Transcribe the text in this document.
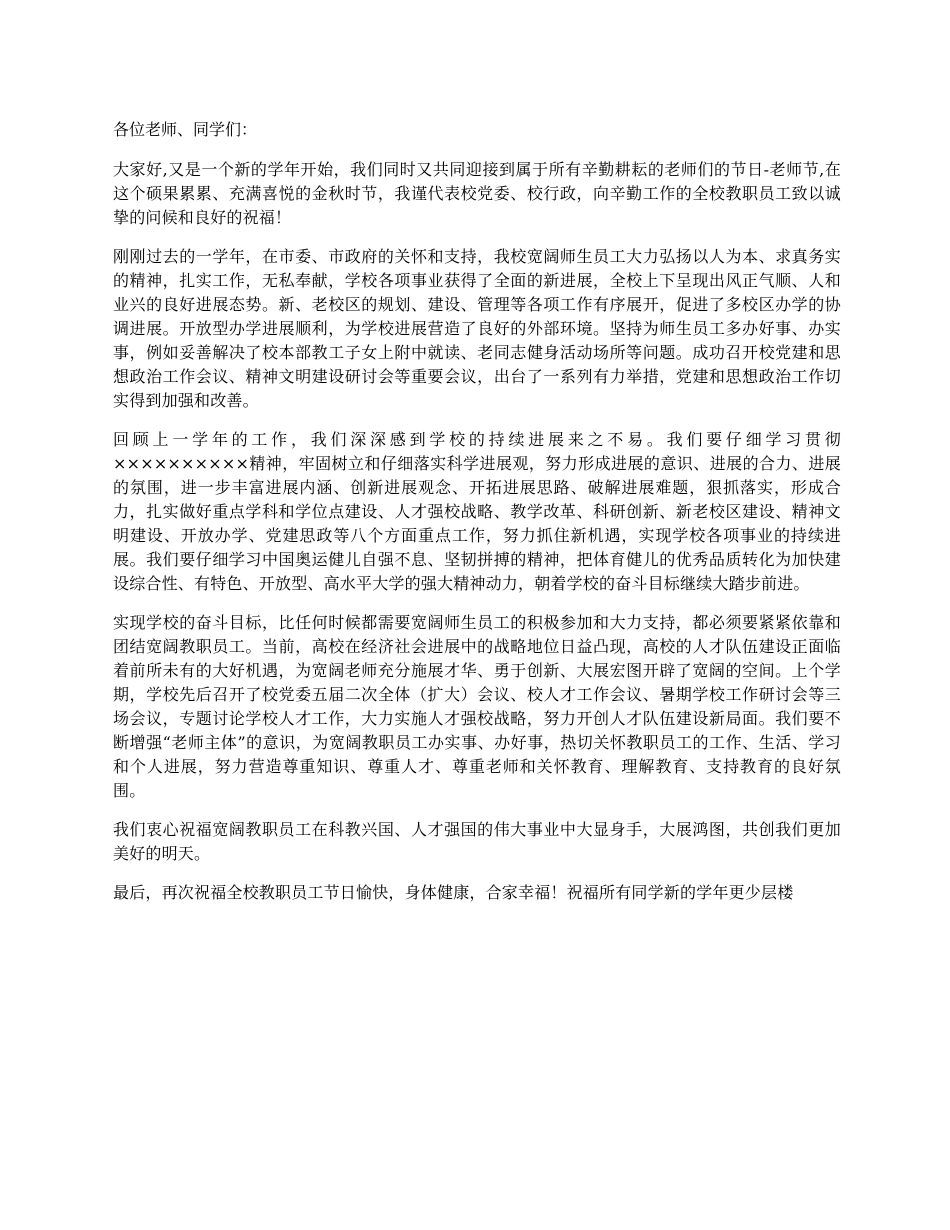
各位老师、同学们：

大家好,又是一个新的学年开始，我们同时又共同迎接到属于所有辛勤耕耘的老师们的节日-老师节,在这个硕果累累、充满喜悦的金秋时节，我谨代表校党委、校行政，向辛勤工作的全校教职员工致以诚挚的问候和良好的祝福！

刚刚过去的一学年，在市委、市政府的关怀和支持，我校宽阔师生员工大力弘扬以人为本、求真务实的精神，扎实工作，无私奉献，学校各项事业获得了全面的新进展，全校上下呈现出风正气顺、人和业兴的良好进展态势。新、老校区的规划、建设、管理等各项工作有序展开，促进了多校区办学的协调进展。开放型办学进展顺利，为学校进展营造了良好的外部环境。坚持为师生员工多办好事、办实事，例如妥善解决了校本部教工子女上附中就读、老同志健身活动场所等问题。成功召开校党建和思想政治工作会议、精神文明建设研讨会等重要会议，出台了一系列有力举措，党建和思想政治工作切实得到加强和改善。

回顾上一学年的工作，我们深深感到学校的持续进展来之不易。我们要仔细学习贯彻××××××××××精神，牢固树立和仔细落实科学进展观，努力形成进展的意识、进展的合力、进展的氛围，进一步丰富进展内涵、创新进展观念、开拓进展思路、破解进展难题，狠抓落实，形成合力，扎实做好重点学科和学位点建设、人才强校战略、教学改革、科研创新、新老校区建设、精神文明建设、开放办学、党建思政等八个方面重点工作，努力抓住新机遇，实现学校各项事业的持续进展。我们要仔细学习中国奥运健儿自强不息、坚韧拼搏的精神，把体育健儿的优秀品质转化为加快建设综合性、有特色、开放型、高水平大学的强大精神动力，朝着学校的奋斗目标继续大踏步前进。

实现学校的奋斗目标，比任何时候都需要宽阔师生员工的积极参加和大力支持，都必须要紧紧依靠和团结宽阔教职员工。当前，高校在经济社会进展中的战略地位日益凸现，高校的人才队伍建设正面临着前所未有的大好机遇，为宽阔老师充分施展才华、勇于创新、大展宏图开辟了宽阔的空间。上个学期，学校先后召开了校党委五届二次全体（扩大）会议、校人才工作会议、暑期学校工作研讨会等三场会议，专题讨论学校人才工作，大力实施人才强校战略，努力开创人才队伍建设新局面。我们要不断增强“老师主体”的意识，为宽阔教职员工办实事、办好事，热切关怀教职员工的工作、生活、学习和个人进展，努力营造尊重知识、尊重人才、尊重老师和关怀教育、理解教育、支持教育的良好氛围。

我们衷心祝福宽阔教职员工在科教兴国、人才强国的伟大事业中大显身手，大展鸿图，共创我们更加美好的明天。

最后，再次祝福全校教职员工节日愉快，身体健康，合家幸福！祝福所有同学新的学年更少层楼
